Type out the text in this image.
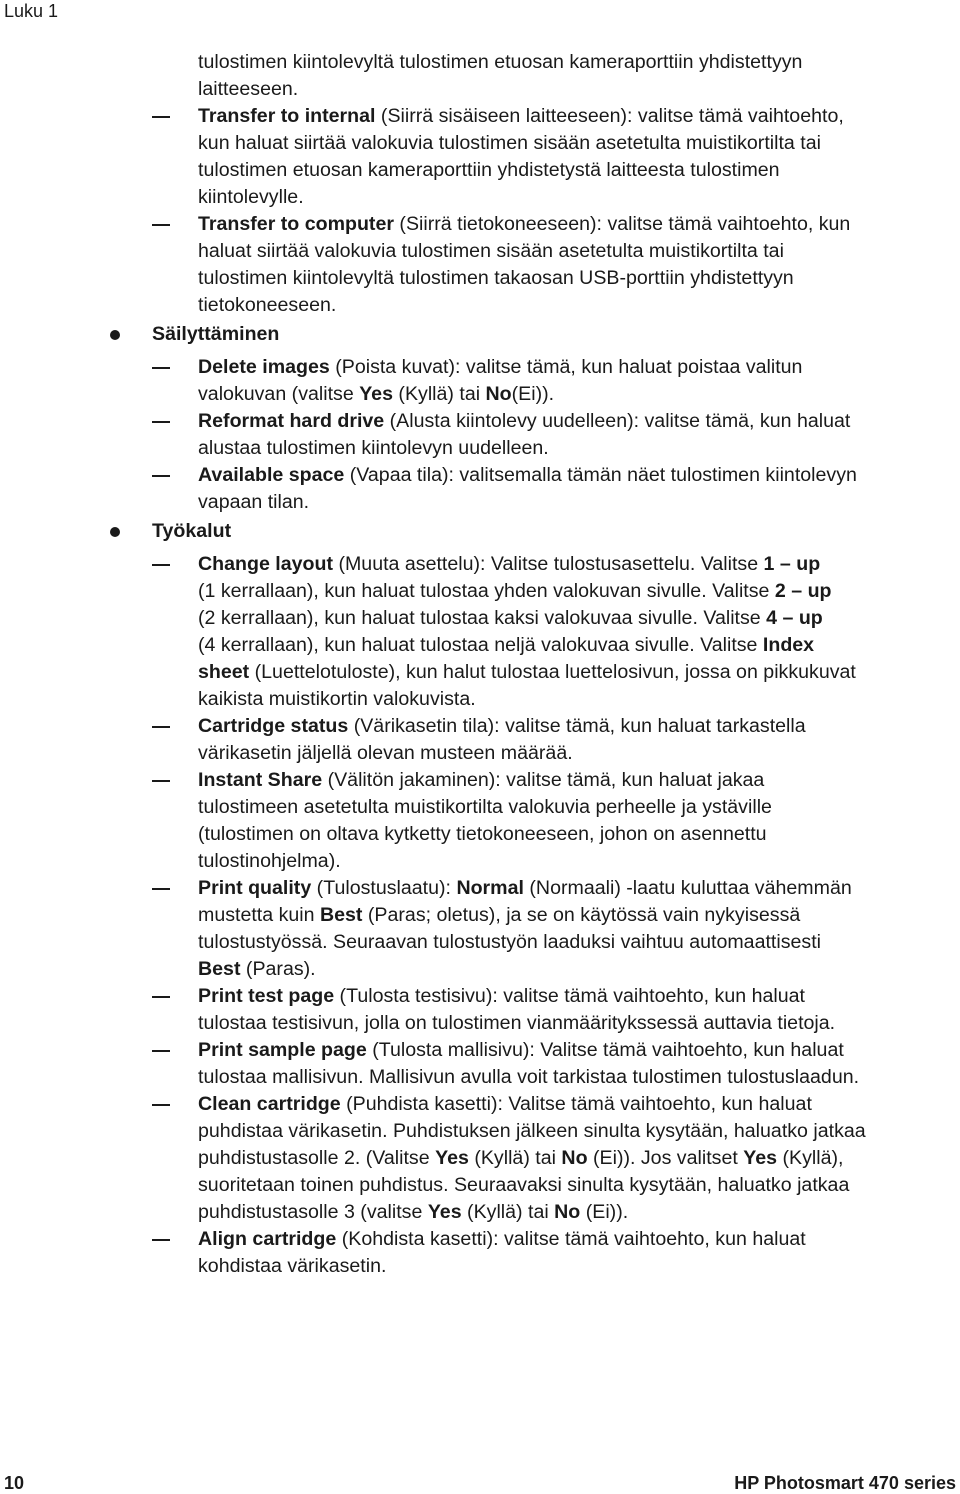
Luku 1
tulostimen kiintolevyltä tulostimen etuosan kameraporttiin yhdistettyyn
laitteeseen.
Transfer to internal (Siirrä sisäiseen laitteeseen): valitse tämä vaihtoehto,
kun haluat siirtää valokuvia tulostimen sisään asetetulta muistikortilta tai
tulostimen etuosan kameraporttiin yhdistetystä laitteesta tulostimen
kiintolevylle.
Transfer to computer (Siirrä tietokoneeseen): valitse tämä vaihtoehto, kun
haluat siirtää valokuvia tulostimen sisään asetetulta muistikortilta tai
tulostimen kiintolevyltä tulostimen takaosan USB-porttiin yhdistettyyn
tietokoneeseen.
Säilyttäminen
Delete images (Poista kuvat): valitse tämä, kun haluat poistaa valitun
valokuvan (valitse Yes (Kyllä) tai No(Ei)).
Reformat hard drive (Alusta kiintolevy uudelleen): valitse tämä, kun haluat
alustaa tulostimen kiintolevyn uudelleen.
Available space (Vapaa tila): valitsemalla tämän näet tulostimen kiintolevyn
vapaan tilan.
Työkalut
Change layout (Muuta asettelu): Valitse tulostusasettelu. Valitse 1 – up
(1 kerrallaan), kun haluat tulostaa yhden valokuvan sivulle. Valitse 2 – up
(2 kerrallaan), kun haluat tulostaa kaksi valokuvaa sivulle. Valitse 4 – up
(4 kerrallaan), kun haluat tulostaa neljä valokuvaa sivulle. Valitse Index
sheet (Luettelotuloste), kun halut tulostaa luettelosivun, jossa on pikkukuvat
kaikista muistikortin valokuvista.
Cartridge status (Värikasetin tila): valitse tämä, kun haluat tarkastella
värikasetin jäljellä olevan musteen määrää.
Instant Share (Välitön jakaminen): valitse tämä, kun haluat jakaa
tulostimeen asetetulta muistikortilta valokuvia perheelle ja ystäville
(tulostimen on oltava kytketty tietokoneeseen, johon on asennettu
tulostinohjelma).
Print quality (Tulostuslaatu): Normal (Normaali) -laatu kuluttaa vähemmän
mustetta kuin Best (Paras; oletus), ja se on käytössä vain nykyisessä
tulostustyössä. Seuraavan tulostustyön laaduksi vaihtuu automaattisesti
Best (Paras).
Print test page (Tulosta testisivu): valitse tämä vaihtoehto, kun haluat
tulostaa testisivun, jolla on tulostimen vianmääritykssessä auttavia tietoja.
Print sample page (Tulosta mallisivu): Valitse tämä vaihtoehto, kun haluat
tulostaa mallisivun. Mallisivun avulla voit tarkistaa tulostimen tulostuslaadun.
Clean cartridge (Puhdista kasetti): Valitse tämä vaihtoehto, kun haluat
puhdistaa värikasetin. Puhdistuksen jälkeen sinulta kysytään, haluatko jatkaa
puhdistustasolle 2. (Valitse Yes (Kyllä) tai No (Ei)). Jos valitset Yes (Kyllä),
suoritetaan toinen puhdistus. Seuraavaksi sinulta kysytään, haluatko jatkaa
puhdistustasolle 3 (valitse Yes (Kyllä) tai No (Ei)).
Align cartridge (Kohdista kasetti): valitse tämä vaihtoehto, kun haluat
kohdistaa värikasetin.
10	HP Photosmart 470 series
